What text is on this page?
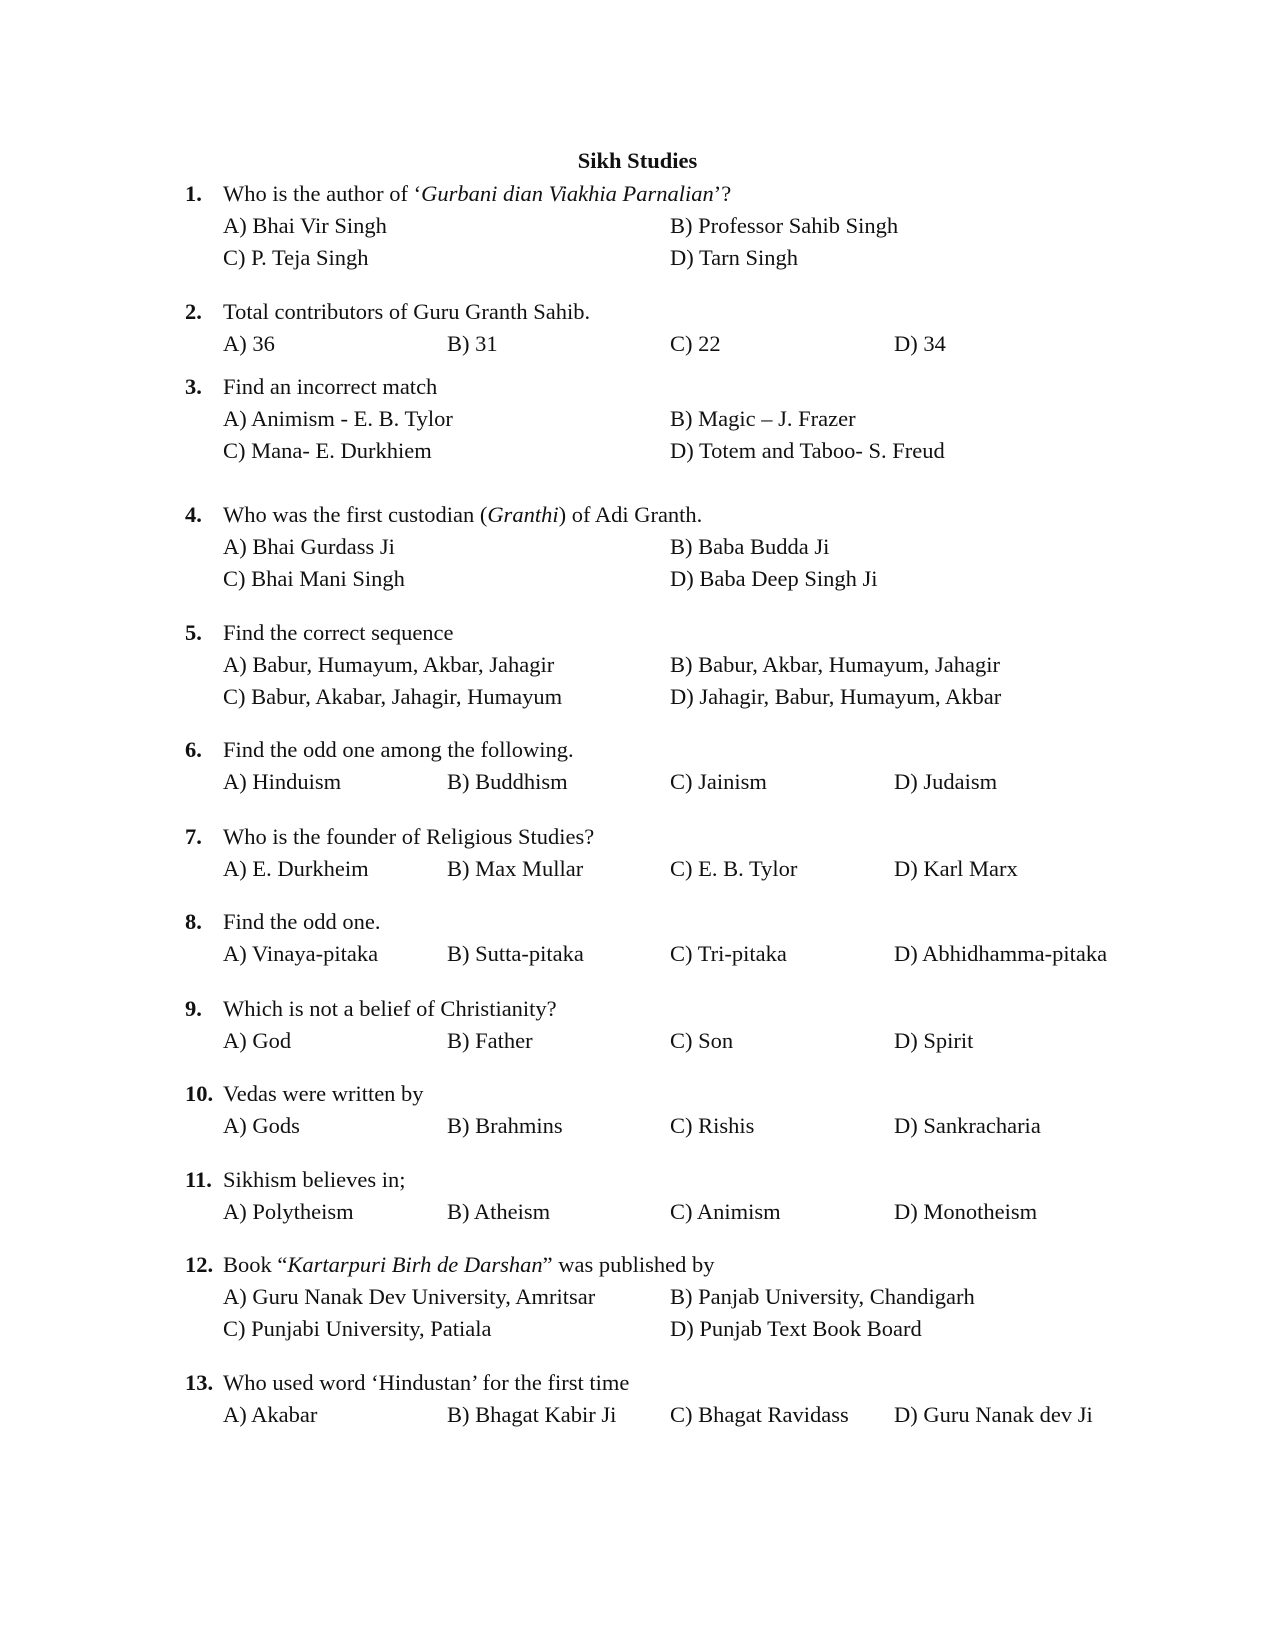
Sikh Studies
1. Who is the author of ‘Gurbani dian Viakhia Parnalian’?
A) Bhai Vir Singh	B) Professor Sahib Singh
C) P. Teja Singh	D) Tarn Singh
2. Total contributors of Guru Granth Sahib.
A) 36	B) 31	C) 22	D) 34
3. Find an incorrect match
A) Animism - E. B. Tylor	B) Magic – J. Frazer
C) Mana- E. Durkhiem	D) Totem and Taboo- S. Freud
4. Who was the first custodian (Granthi) of Adi Granth.
A) Bhai Gurdass Ji	B) Baba Budda Ji
C) Bhai Mani Singh	D) Baba Deep Singh Ji
5. Find the correct sequence
A) Babur, Humayum, Akbar, Jahagir	B) Babur, Akbar, Humayum, Jahagir
C) Babur, Akabar, Jahagir, Humayum	D) Jahagir, Babur, Humayum, Akbar
6. Find the odd one among the following.
A) Hinduism	B) Buddhism	C) Jainism	D) Judaism
7. Who is the founder of Religious Studies?
A) E. Durkheim	B) Max Mullar	C) E. B. Tylor	D) Karl Marx
8. Find the odd one.
A) Vinaya-pitaka	B) Sutta-pitaka	C) Tri-pitaka	D) Abhidhamma-pitaka
9. Which is not a belief of Christianity?
A) God	B) Father	C) Son	D) Spirit
10. Vedas were written by
A) Gods	B) Brahmins	C) Rishis	D) Sankracharia
11. Sikhism believes in;
A) Polytheism	B) Atheism	C) Animism	D) Monotheism
12. Book “Kartarpuri Birh de Darshan” was published by
A) Guru Nanak Dev University, Amritsar	B) Panjab University, Chandigarh
C) Punjabi University, Patiala	D) Punjab Text Book Board
13. Who used word ‘Hindustan’ for the first time
A) Akabar	B) Bhagat Kabir Ji C) Bhagat Ravidass D) Guru Nanak dev Ji
